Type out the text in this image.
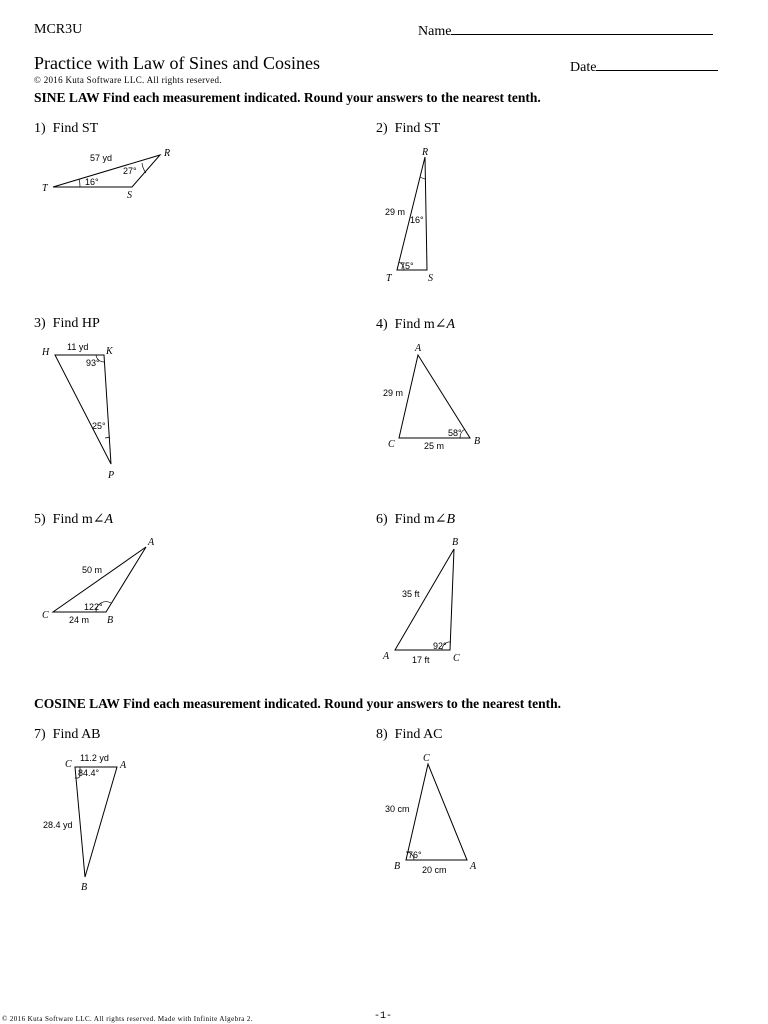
MCR3U	Name
Practice with Law of Sines and Cosines	Date
© 2016 Kuta Software LLC. All rights reserved.
SINE LAW Find each measurement indicated. Round your answers to the nearest tenth.
1) Find ST	2) Find ST
3) Find HP	4) Find m∠A
5) Find m∠A	6) Find m∠B
COSINE LAW Find each measurement indicated. Round your answers to the nearest tenth.
7) Find AB	8) Find AC
57 yd
27°
16°
R
T
S
29 m
16°
75°
R
T	S
11 yd
93°
25°
H	K
P
29 m
25 m
58°
A
C	B
50 m
24 m
122°
A
C	B
35 ft
17 ft
92°
B
A	C
11.2 yd
28.4 yd
84.4°
C	A
B
30 cm
20 cm
76°
C
B	A
© 2016 Kuta Software LLC. All rights reserved. Made with Infinite Algebra 2.	-1-
